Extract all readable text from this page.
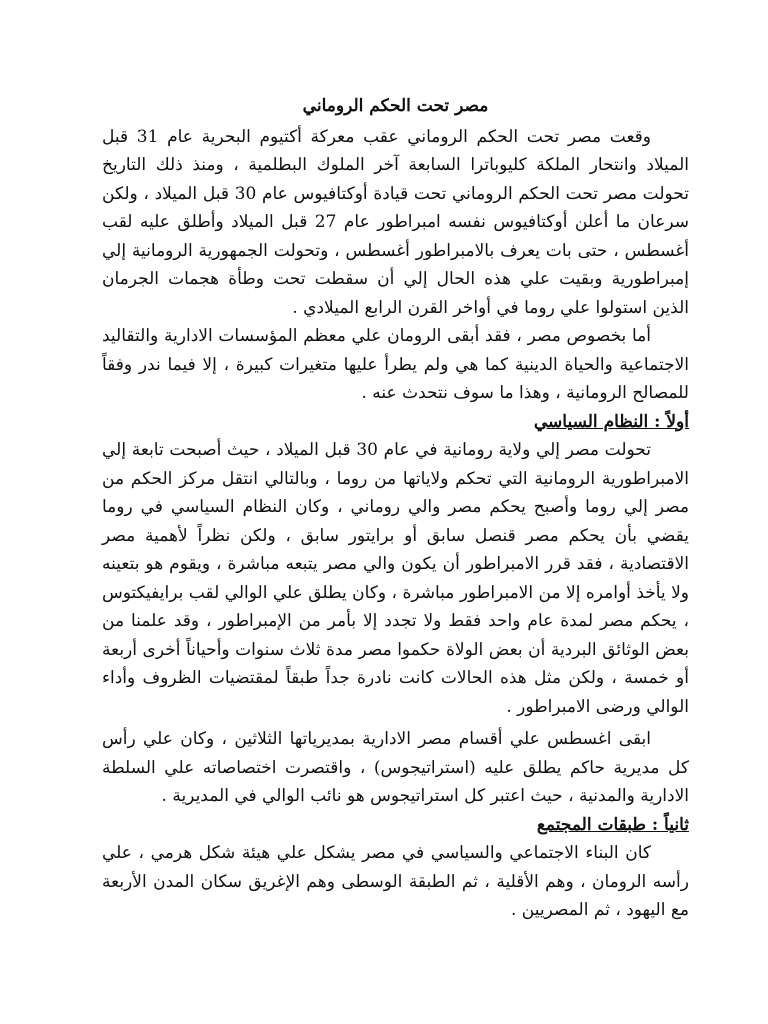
مصر تحت الحكم الروماني

وقعت مصر تحت الحكم الروماني عقب معركة أكتيوم البحرية عام 31 قبل الميلاد وانتحار الملكة كليوباترا السابعة آخر الملوك البطلمية ، ومنذ ذلك التاريخ تحولت مصر تحت الحكم الروماني تحت قيادة أوكتافيوس عام 30 قبل الميلاد ، ولكن سرعان ما أعلن أوكتافيوس نفسه امبراطور عام 27 قبل الميلاد وأطلق عليه لقب أغسطس ، حتى بات يعرف بالامبراطور أغسطس ، وتحولت الجمهورية الرومانية إلي إمبراطورية وبقيت علي هذه الحال إلي أن سقطت تحت وطأة هجمات الجرمان الذين استولوا علي روما في أواخر القرن الرابع الميلادي .

أما بخصوص مصر ، فقد أبقى الرومان علي معظم المؤسسات الادارية والتقاليد الاجتماعية والحياة الدينية كما هي ولم يطرأ عليها متغيرات كبيرة ، إلا فيما ندر وفقاً للمصالح الرومانية ، وهذا ما سوف نتحدث عنه .

أولاً : النظام السياسي

تحولت مصر إلي ولاية رومانية في عام 30 قبل الميلاد ، حيث أصبحت تابعة إلي الامبراطورية الرومانية التي تحكم ولاياتها من روما ، وبالتالي انتقل مركز الحكم من مصر إلي روما وأصبح يحكم مصر والي روماني ، وكان النظام السياسي في روما يقضي بأن يحكم مصر قنصل سابق أو برايتور سابق ، ولكن نظراً لأهمية مصر الاقتصادية ، فقد قرر الامبراطور أن يكون والي مصر يتبعه مباشرة ، ويقوم هو بتعينه ولا يأخذ أوامره إلا من الامبراطور مباشرة ، وكان يطلق علي الوالي لقب برايفيكتوس ، يحكم مصر لمدة عام واحد فقط ولا تجدد إلا بأمر من الإمبراطور ، وقد علمنا من بعض الوثائق البردية أن بعض الولاة حكموا مصر مدة ثلاث سنوات وأحياناً أخرى أربعة أو خمسة ، ولكن مثل هذه الحالات كانت نادرة جداً طبقاً لمقتضيات الظروف وأداء الوالي ورضى الامبراطور .

ابقى اغسطس علي أقسام مصر الادارية بمديرياتها الثلاثين ، وكان علي رأس كل مديرية حاكم يطلق عليه (استراتيجوس) ، واقتصرت اختصاصاته علي السلطة الادارية والمدنية ، حيث اعتبر كل استراتيجوس هو نائب الوالي في المديرية .

ثانياً : طبقات المجتمع

كان البناء الاجتماعي والسياسي في مصر يشكل علي هيئة شكل هرمي ، علي رأسه الرومان ، وهم الأقلية ، ثم الطبقة الوسطى وهم الإغريق سكان المدن الأربعة مع اليهود ، ثم المصريين .
